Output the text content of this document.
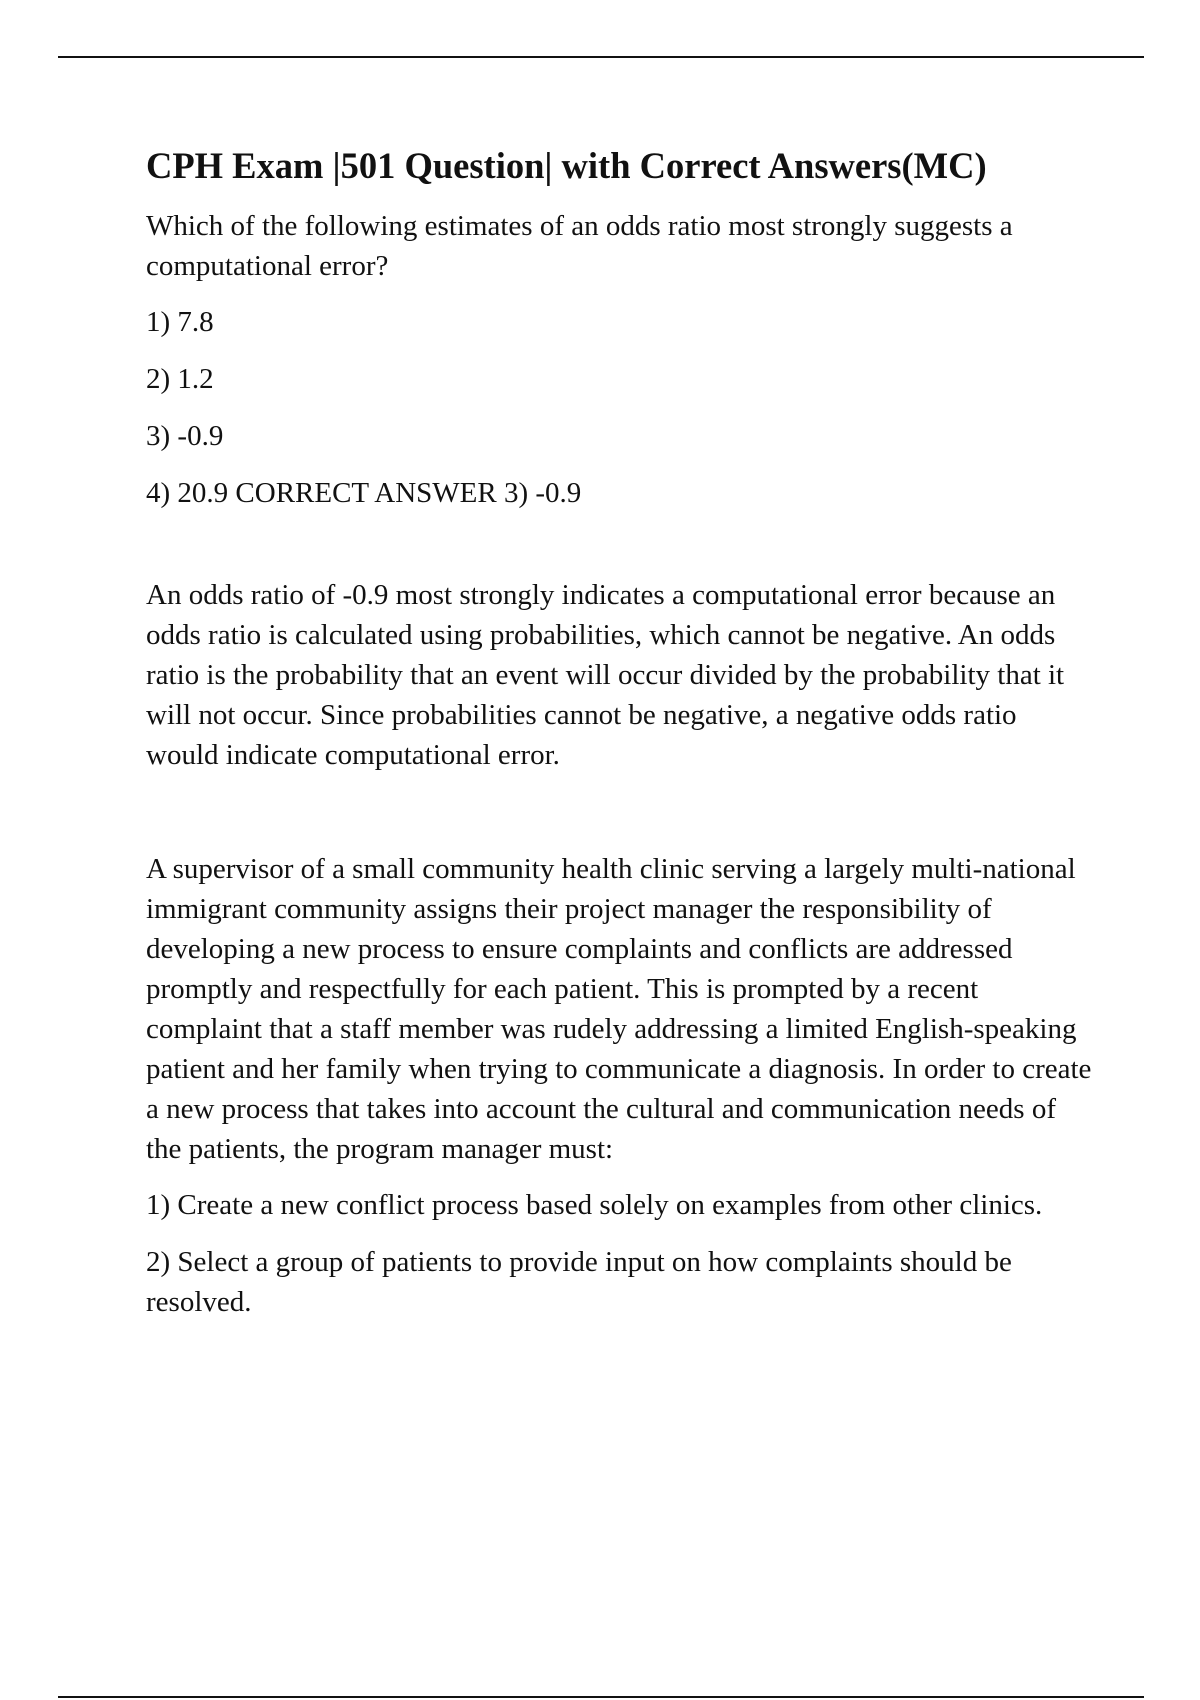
CPH Exam |501 Question| with Correct Answers(MC)

Which of the following estimates of an odds ratio most strongly suggests a computational error?

1) 7.8

2) 1.2

3) -0.9

4) 20.9 CORRECT ANSWER 3) -0.9

An odds ratio of -0.9 most strongly indicates a computational error because an odds ratio is calculated using probabilities, which cannot be negative. An odds ratio is the probability that an event will occur divided by the probability that it will not occur. Since probabilities cannot be negative, a negative odds ratio would indicate computational error.

A supervisor of a small community health clinic serving a largely multi-national immigrant community assigns their project manager the responsibility of developing a new process to ensure complaints and conflicts are addressed promptly and respectfully for each patient. This is prompted by a recent complaint that a staff member was rudely addressing a limited English-speaking patient and her family when trying to communicate a diagnosis. In order to create a new process that takes into account the cultural and communication needs of the patients, the program manager must:

1) Create a new conflict process based solely on examples from other clinics.

2) Select a group of patients to provide input on how complaints should be resolved.
